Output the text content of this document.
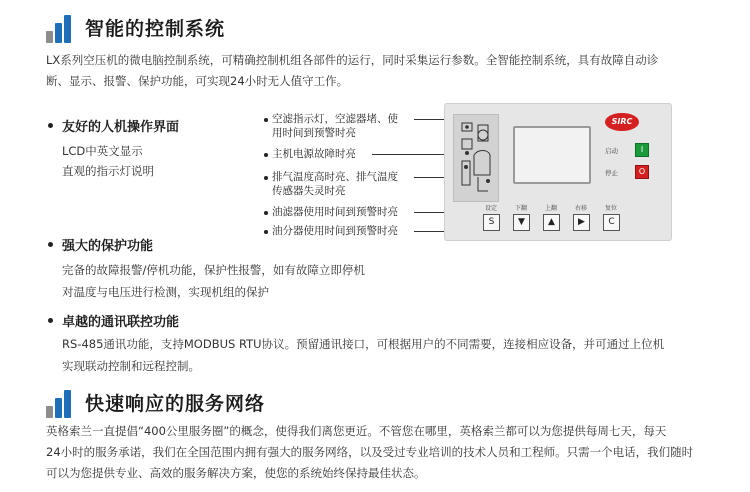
智能的控制系统
LX系列空压机的微电脑控制系统，可精确控制机组各部件的运行，同时采集运行参数。全智能控制系统，具有故障自动诊
断、显示、报警、保护功能，可实现24小时无人值守工作。
友好的人机操作界面
LCD中英文显示
直观的指示灯说明
强大的保护功能
完备的故障报警/停机功能，保护性报警，如有故障立即停机
对温度与电压进行检测，实现机组的保护
卓越的通讯联控功能
RS-485通讯功能，支持MODBUS RTU协议。预留通讯接口，可根据用户的不同需要，连接相应设备，并可通过上位机
实现联动控制和远程控制。
空滤指示灯，空滤器堵、使
用时间到预警时亮
主机电源故障时亮
排气温度高时亮、排气温度
传感器失灵时亮
油滤器使用时间到预警时亮
油分器使用时间到预警时亮
SIRC
启动	I
停止	O
设定
S
下翻
▼
上翻
▲
右移
▶
复位
C
快速响应的服务网络
英格索兰一直提倡“400公里服务圈”的概念，使得我们离您更近。不管您在哪里，英格索兰都可以为您提供每周七天，每天
24小时的服务承诺，我们在全国范围内拥有强大的服务网络，以及受过专业培训的技术人员和工程师。只需一个电话，我们随时
可以为您提供专业、高效的服务解决方案，使您的系统始终保持最佳状态。
